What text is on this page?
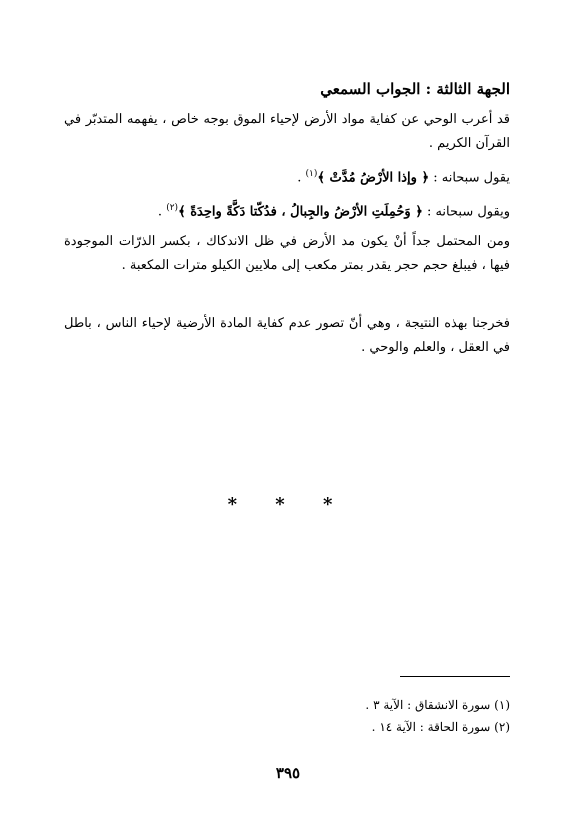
الجهة الثالثة : الجواب السمعي
قد أعرب الوحي عن كفاية مواد الأرض لإحياء الموق بوجه خاص ، يفهمه المتدبّر في القرآن الكريم .
يقول سبحانه : ﴿ وإذا الأرْضُ مُدَّتْ ﴾$^{(١)}$ .
ويقول سبحانه : ﴿ وَحُمِلَتِ الأرْضُ والجِبالُ ، فدُكّتا دَكَّةً واحِدَةً ﴾$^{(٢)}$ .
ومن المحتمل جداً أنْ يكون مد الأرض في ظل الاندكاك ، بكسر الذرّات الموجودة فيها ، فيبلغ حجم حجر يقدر بمتر مكعب إلى ملايين الكيلو مترات المكعبة .
فخرجنا بهذه النتيجة ، وهي أنّ تصور عدم كفاية المادة الأرضية لإحياء الناس ، باطل في العقل ، والعلم والوحي .
* * *
(١) سورة الانشقاق : الآية ٣ .
(٢) سورة الحاقة : الآية ١٤ .
٣٩٥
